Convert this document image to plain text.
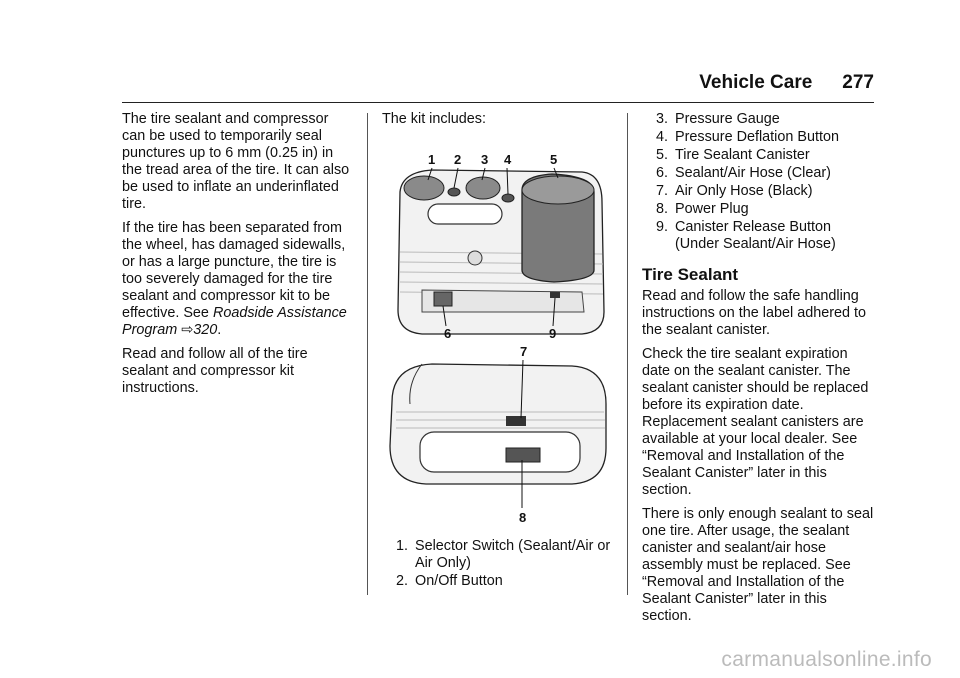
Vehicle Care 277

The tire sealant and compressor can be used to temporarily seal punctures up to 6 mm (0.25 in) in the tread area of the tire. It can also be used to inflate an underinflated tire.

If the tire has been separated from the wheel, has damaged sidewalls, or has a large puncture, the tire is too severely damaged for the tire sealant and compressor kit to be effective. See Roadside Assistance Program ⇨320.

Read and follow all of the tire sealant and compressor kit instructions.

The kit includes:

1 2 3 4	5
6	9
7
8
1. Selector Switch (Sealant/Air or Air Only)
2. On/Off Button
3. Pressure Gauge
4. Pressure Deflation Button
5. Tire Sealant Canister
6. Sealant/Air Hose (Clear)
7. Air Only Hose (Black)
8. Power Plug
9. Canister Release Button (Under Sealant/Air Hose)
Tire Sealant

Read and follow the safe handling instructions on the label adhered to the sealant canister.

Check the tire sealant expiration date on the sealant canister. The sealant canister should be replaced before its expiration date. Replacement sealant canisters are available at your local dealer. See “Removal and Installation of the Sealant Canister” later in this section.

There is only enough sealant to seal one tire. After usage, the sealant canister and sealant/air hose assembly must be replaced. See “Removal and Installation of the Sealant Canister” later in this section.

carmanualsonline.info
